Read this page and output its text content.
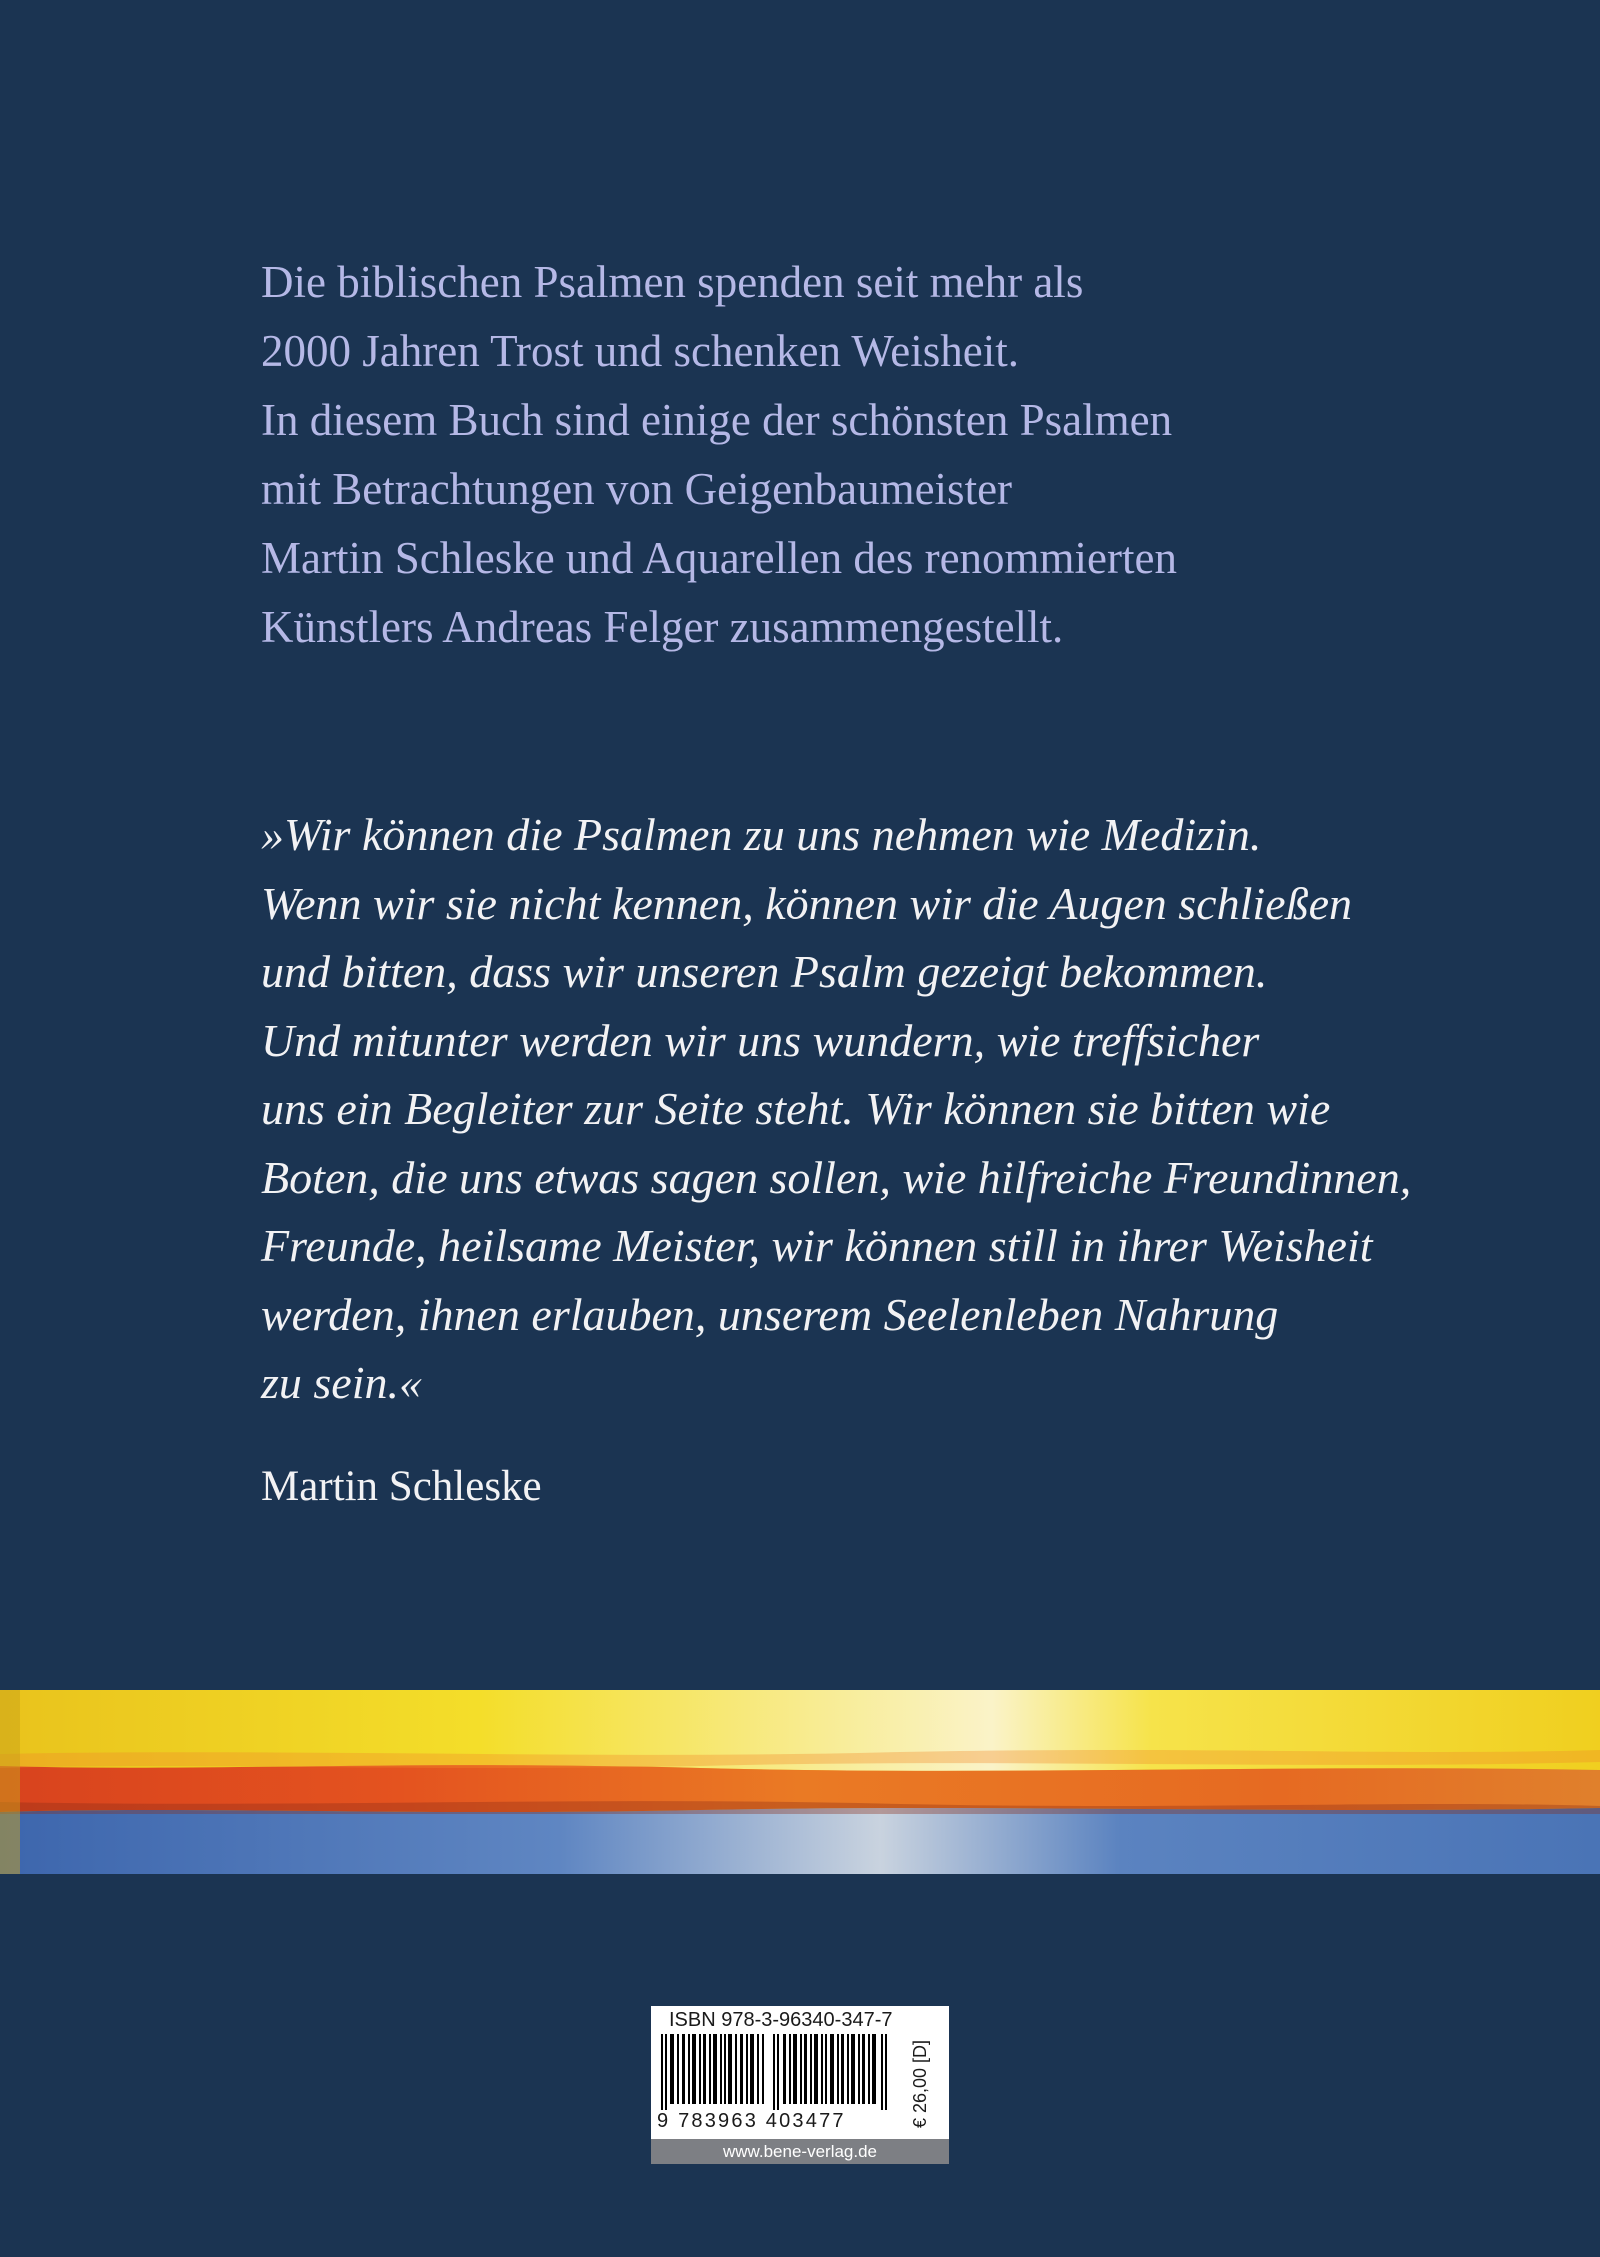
Die biblischen Psalmen spenden seit mehr als
2000 Jahren Trost und schenken Weisheit.
In diesem Buch sind einige der schönsten Psalmen
mit Betrachtungen von Geigenbaumeister
Martin Schleske und Aquarellen des renommierten
Künstlers Andreas Felger zusammengestellt.
»Wir können die Psalmen zu uns nehmen wie Medizin.
Wenn wir sie nicht kennen, können wir die Augen schließen
und bitten, dass wir unseren Psalm gezeigt bekommen.
Und mitunter werden wir uns wundern, wie treffsicher
uns ein Begleiter zur Seite steht. Wir können sie bitten wie
Boten, die uns etwas sagen sollen, wie hilfreiche Freundinnen,
Freunde, heilsame Meister, wir können still in ihrer Weisheit
werden, ihnen erlauben, unserem Seelenleben Nahrung
zu sein.«
Martin Schleske
ISBN 978-3-96340-347-7
9 783963 403477	€ 26,00 [D]
www.bene-verlag.de
